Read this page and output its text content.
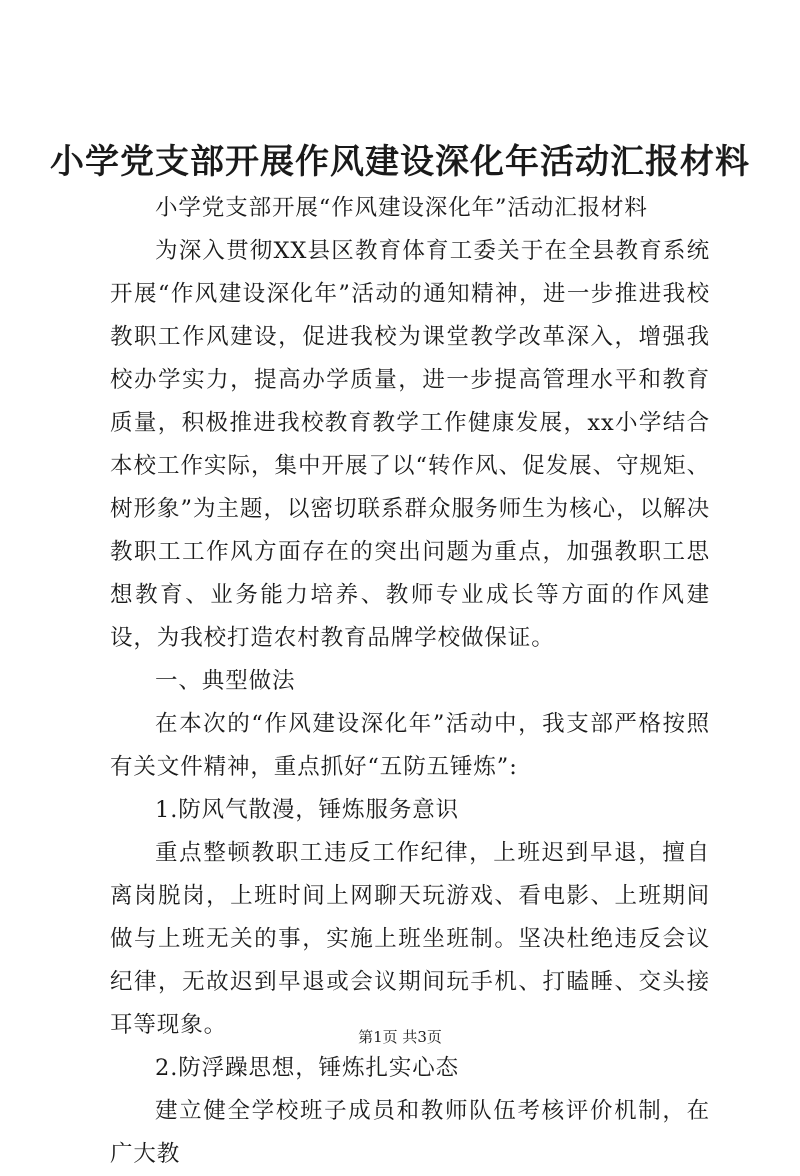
小学党支部开展作风建设深化年活动汇报材料

小学党支部开展“作风建设深化年”活动汇报材料

为深入贯彻XX县区教育体育工委关于在全县教育系统开展“作风建设深化年”活动的通知精神，进一步推进我校教职工作风建设，促进我校为课堂教学改革深入，增强我校办学实力，提高办学质量，进一步提高管理水平和教育质量，积极推进我校教育教学工作健康发展，xx小学结合本校工作实际，集中开展了以“转作风、促发展、守规矩、树形象”为主题，以密切联系群众服务师生为核心，以解决教职工工作风方面存在的突出问题为重点，加强教职工思想教育、业务能力培养、教师专业成长等方面的作风建设，为我校打造农村教育品牌学校做保证。

一、典型做法

在本次的“作风建设深化年”活动中，我支部严格按照有关文件精神，重点抓好“五防五锤炼”:

1.防风气散漫，锤炼服务意识

重点整顿教职工违反工作纪律，上班迟到早退，擅自离岗脱岗，上班时间上网聊天玩游戏、看电影、上班期间做与上班无关的事，实施上班坐班制。坚决杜绝违反会议纪律，无故迟到早退或会议期间玩手机、打瞌睡、交头接耳等现象。

2.防浮躁思想，锤炼扎实心态

建立健全学校班子成员和教师队伍考核评价机制，在广大教

第1页 共3页
